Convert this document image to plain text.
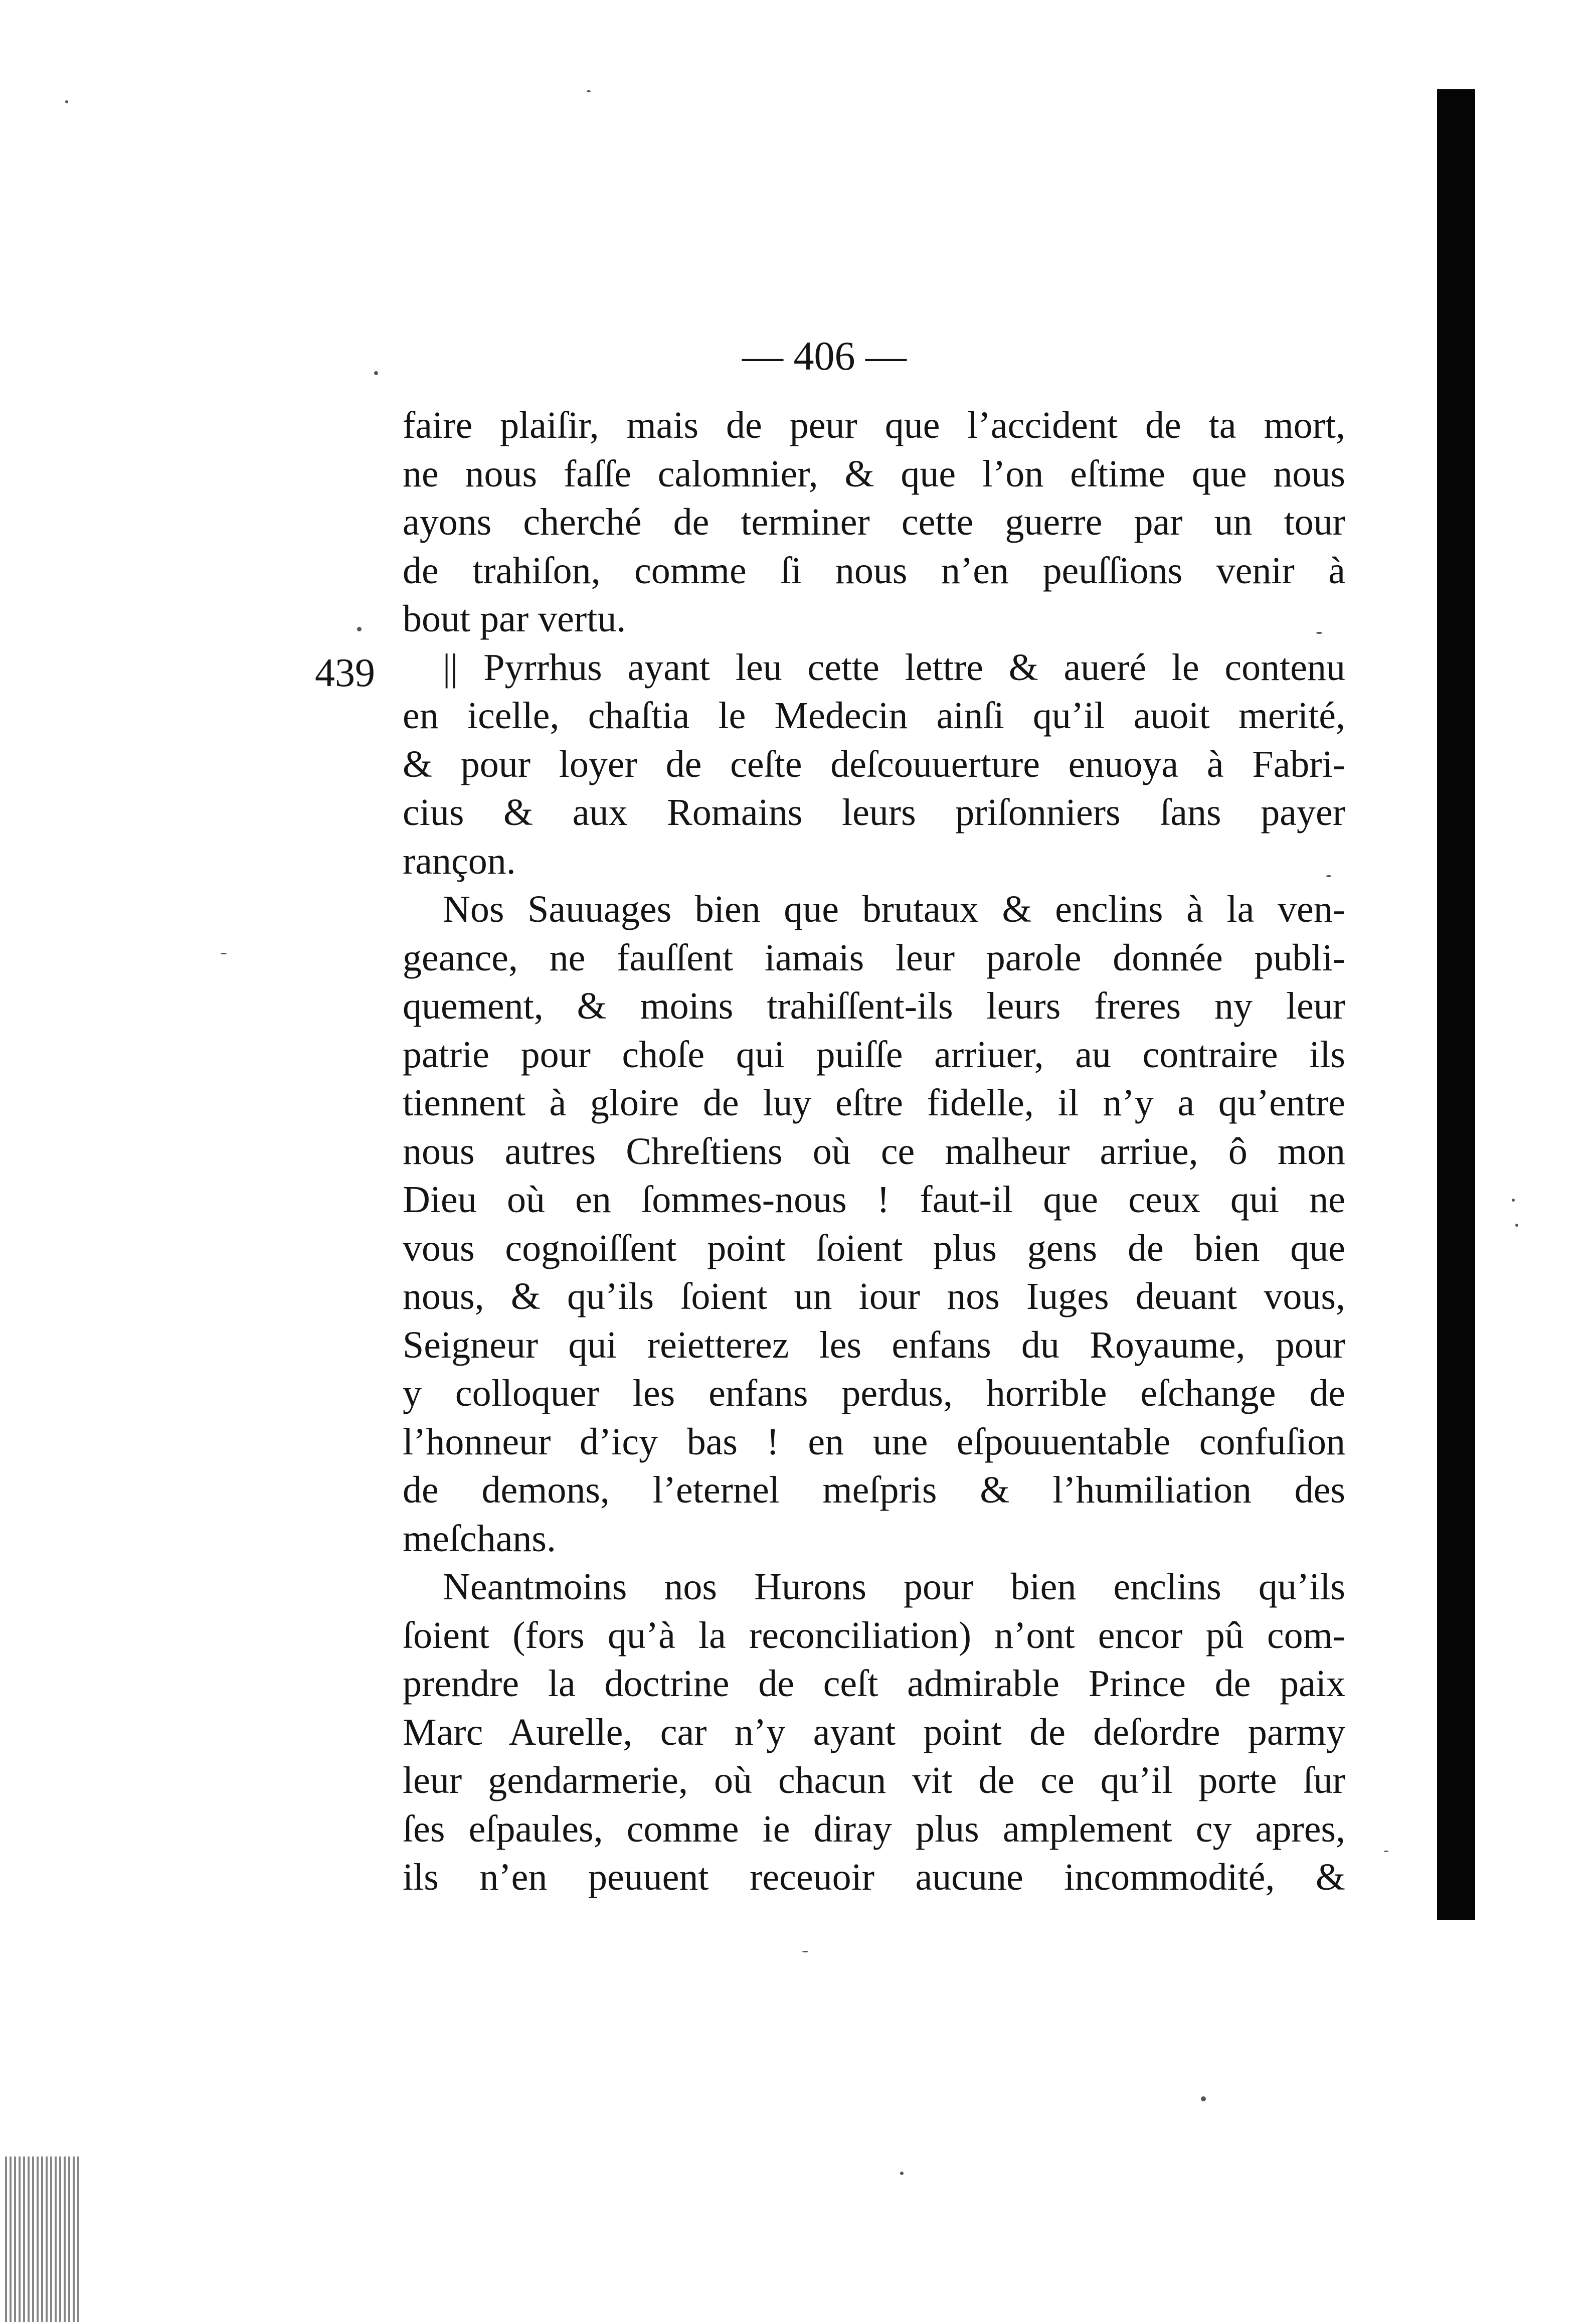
— 406 —
439
faire plaiſir, mais de peur que l’accident de ta mort,
ne nous faſſe calomnier, & que l’on eſtime que nous
ayons cherché de terminer cette guerre par un tour
de trahiſon, comme ſi nous n’en peuſſions venir à
bout par vertu.
|| Pyrrhus ayant leu cette lettre & aueré le contenu
en icelle, chaſtia le Medecin ainſi qu’il auoit merité,
& pour loyer de ceſte deſcouuerture enuoya à Fabri-
cius & aux Romains leurs priſonniers ſans payer
rançon.
Nos Sauuages bien que brutaux & enclins à la ven-
geance, ne fauſſent iamais leur parole donnée publi-
quement, & moins trahiſſent-ils leurs freres ny leur
patrie pour choſe qui puiſſe arriuer, au contraire ils
tiennent à gloire de luy eſtre fidelle, il n’y a qu’entre
nous autres Chreſtiens où ce malheur arriue, ô mon
Dieu où en ſommes-nous ! faut-il que ceux qui ne
vous cognoiſſent point ſoient plus gens de bien que
nous, & qu’ils ſoient un iour nos Iuges deuant vous,
Seigneur qui reietterez les enfans du Royaume, pour
y colloquer les enfans perdus, horrible eſchange de
l’honneur d’icy bas ! en une eſpouuentable confuſion
de demons, l’eternel meſpris & l’humiliation des
meſchans.
Neantmoins nos Hurons pour bien enclins qu’ils
ſoient (fors qu’à la reconciliation) n’ont encor pû com-
prendre la doctrine de ceſt admirable Prince de paix
Marc Aurelle, car n’y ayant point de deſordre parmy
leur gendarmerie, où chacun vit de ce qu’il porte ſur
ſes eſpaules, comme ie diray plus amplement cy apres,
ils n’en peuuent receuoir aucune incommodité, &
